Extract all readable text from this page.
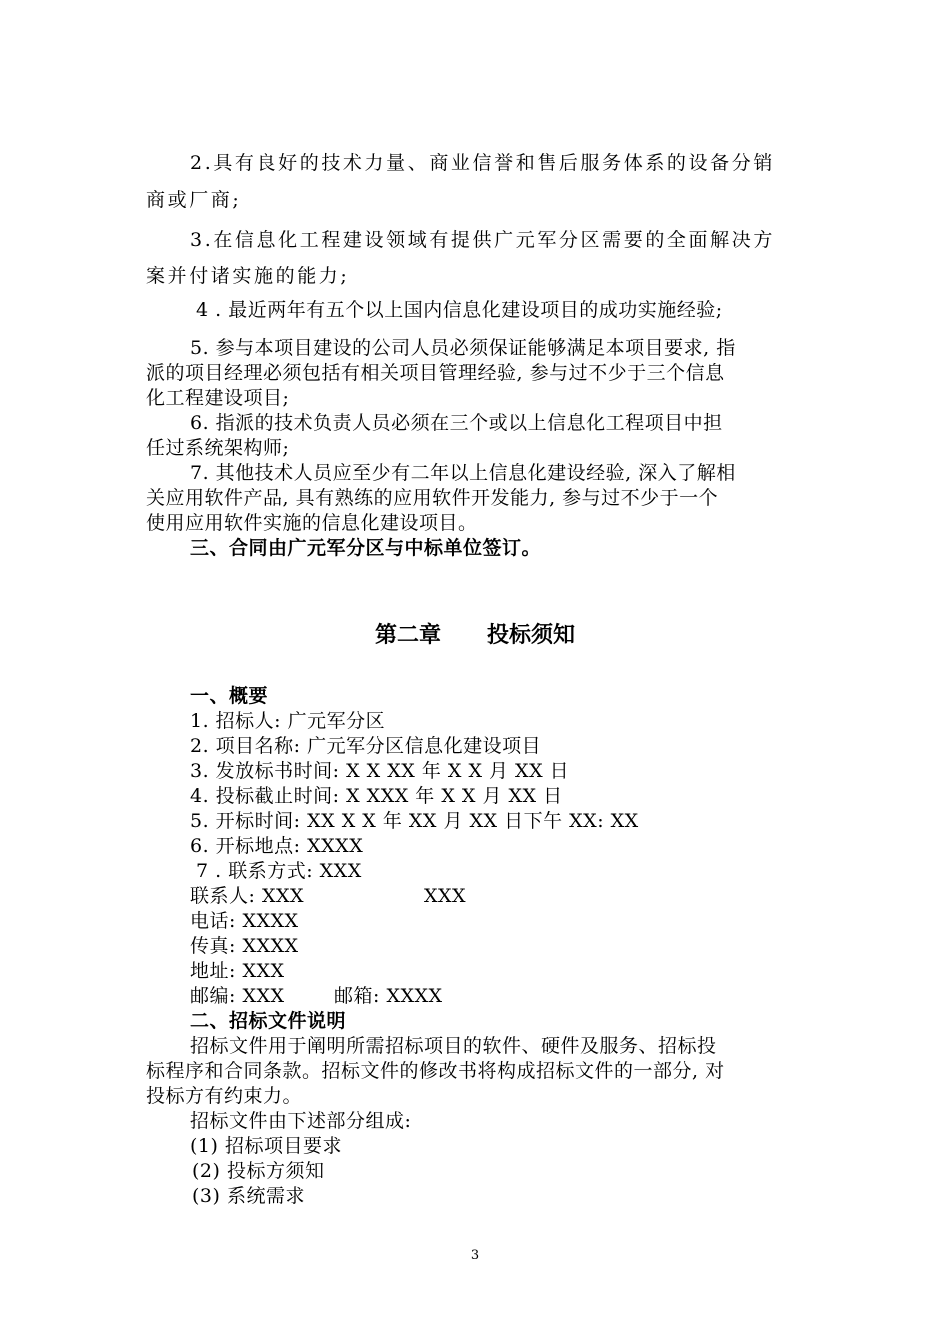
2.具有良好的技术力量、商业信誉和售后服务体系的设备分销
商或厂商;
3.在信息化工程建设领域有提供广元军分区需要的全面解决方
案并付诸实施的能力;
4 . 最近两年有五个以上国内信息化建设项目的成功实施经验;
5. 参与本项目建设的公司人员必须保证能够满足本项目要求, 指
派的项目经理必须包括有相关项目管理经验, 参与过不少于三个信息
化工程建设项目;
6. 指派的技术负责人员必须在三个或以上信息化工程项目中担
任过系统架构师;
7. 其他技术人员应至少有二年以上信息化建设经验, 深入了解相
关应用软件产品, 具有熟练的应用软件开发能力, 参与过不少于一个
使用应用软件实施的信息化建设项目。
三、合同由广元军分区与中标单位签订。
第二章      投标须知
一、概要
1. 招标人: 广元军分区
2. 项目名称: 广元军分区信息化建设项目
3. 发放标书时间: X X XX 年 X X 月 XX 日
4. 投标截止时间: X XXX 年 X X 月 XX 日
5. 开标时间: XX X X 年 XX 月 XX 日下午 XX: XX
6. 开标地点: XXXX
7 . 联系方式: XXX
联系人: XXX	XXX
电话: XXXX
传真: XXXX
地址: XXX
邮编: XXX	邮箱: XXXX
二、招标文件说明
招标文件用于阐明所需招标项目的软件、硬件及服务、招标投
标程序和合同条款。招标文件的修改书将构成招标文件的一部分, 对
投标方有约束力。
招标文件由下述部分组成:
(1) 招标项目要求
(2) 投标方须知
(3) 系统需求
3
